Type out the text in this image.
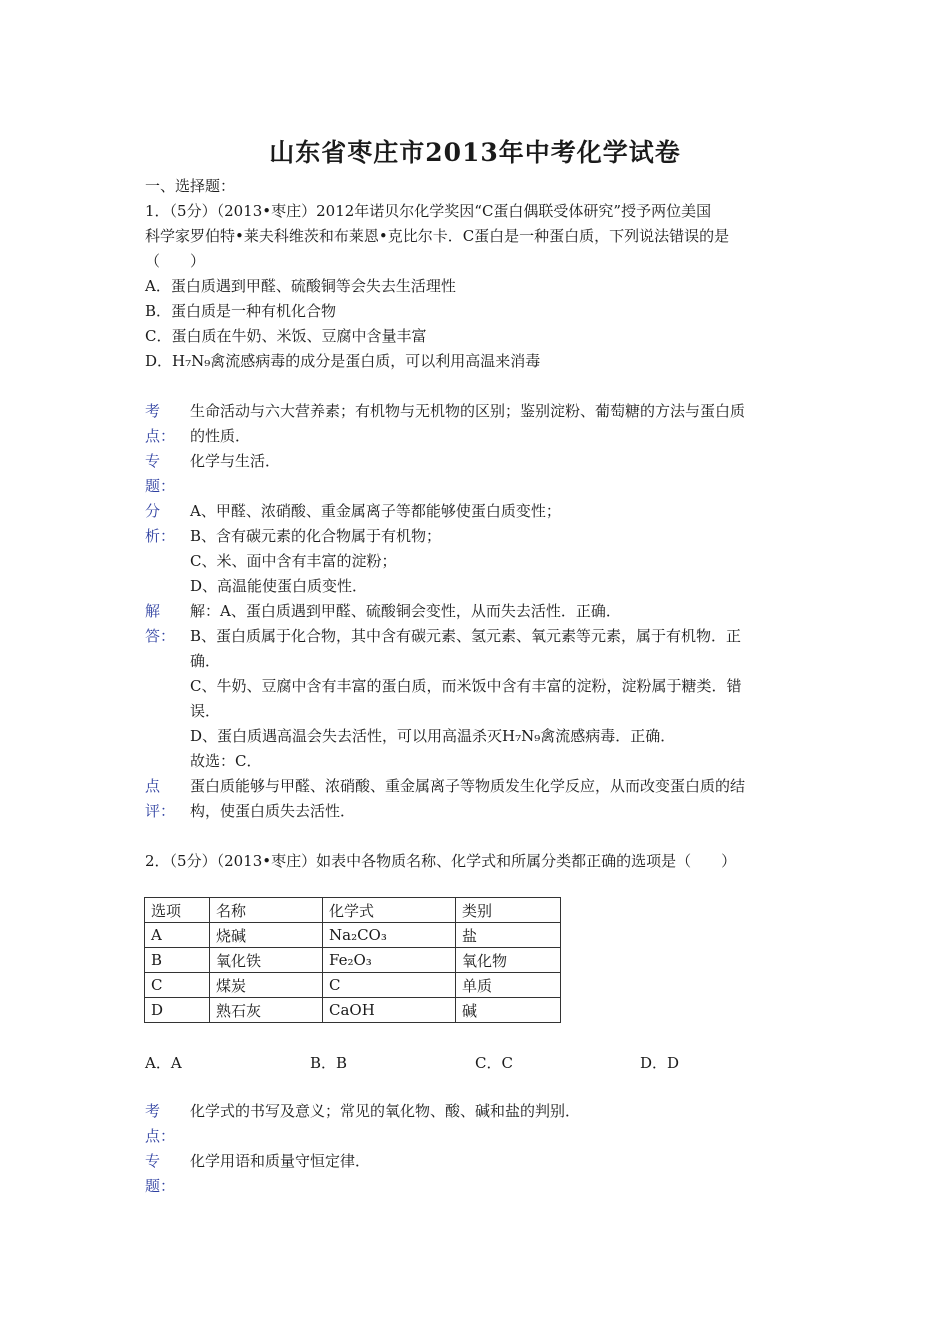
山东省枣庄市2013年中考化学试卷
一、选择题：
1．（5分）（2013•枣庄）2012年诺贝尔化学奖因“C蛋白偶联受体研究”授予两位美国
科学家罗伯特•莱夫科维茨和布莱恩•克比尔卡．C蛋白是一种蛋白质，下列说法错误的是
（　　）
A．蛋白质遇到甲醛、硫酸铜等会失去生活理性
B．蛋白质是一种有机化合物
C．蛋白质在牛奶、米饭、豆腐中含量丰富
D．H₇N₉禽流感病毒的成分是蛋白质，可以利用高温来消毒
考
点：
生命活动与六大营养素；有机物与无机物的区别；鉴别淀粉、葡萄糖的方法与蛋白质
的性质．
专
题：
化学与生活．
分
析：
A、甲醛、浓硝酸、重金属离子等都能够使蛋白质变性；
B、含有碳元素的化合物属于有机物；
C、米、面中含有丰富的淀粉；
D、高温能使蛋白质变性．
解
答：
解：A、蛋白质遇到甲醛、硫酸铜会变性，从而失去活性．正确．
B、蛋白质属于化合物，其中含有碳元素、氢元素、氧元素等元素，属于有机物．正
确．
C、牛奶、豆腐中含有丰富的蛋白质，而米饭中含有丰富的淀粉，淀粉属于糖类．错
误．
D、蛋白质遇高温会失去活性，可以用高温杀灭H₇N₉禽流感病毒．正确．
故选：C．
点
评：
蛋白质能够与甲醛、浓硝酸、重金属离子等物质发生化学反应，从而改变蛋白质的结
构，使蛋白质失去活性．
2．（5分）（2013•枣庄）如表中各物质名称、化学式和所属分类都正确的选项是（　　）
选项	名称	化学式	类别
A	烧碱	Na₂CO₃	盐
B	氧化铁	Fe₂O₃	氧化物
C	煤炭	C	单质
D	熟石灰	CaOH	碱
A．A	B．B	C．C	D．D
考
点：
化学式的书写及意义；常见的氧化物、酸、碱和盐的判别．
专
题：
化学用语和质量守恒定律．
